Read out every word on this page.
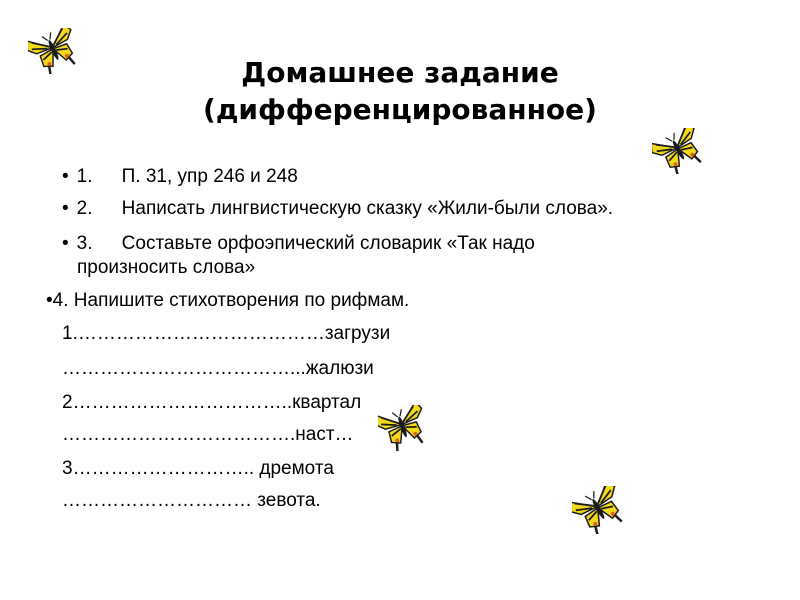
Домашнее задание
(дифференцированное)
• 1. П. 31, упр 246 и 248
• 2. Написать лингвистическую сказку «Жили-были слова».
• 3. Составьте орфоэпический словарик «Так надо
произносить слова»
•4. Напишите стихотворения по рифмам.
1.…………………………………загрузи
………………………………...жалюзи
2……………………………..квартал
……………………………….наст…
3……………………….. дремота
………………………… зевота.
